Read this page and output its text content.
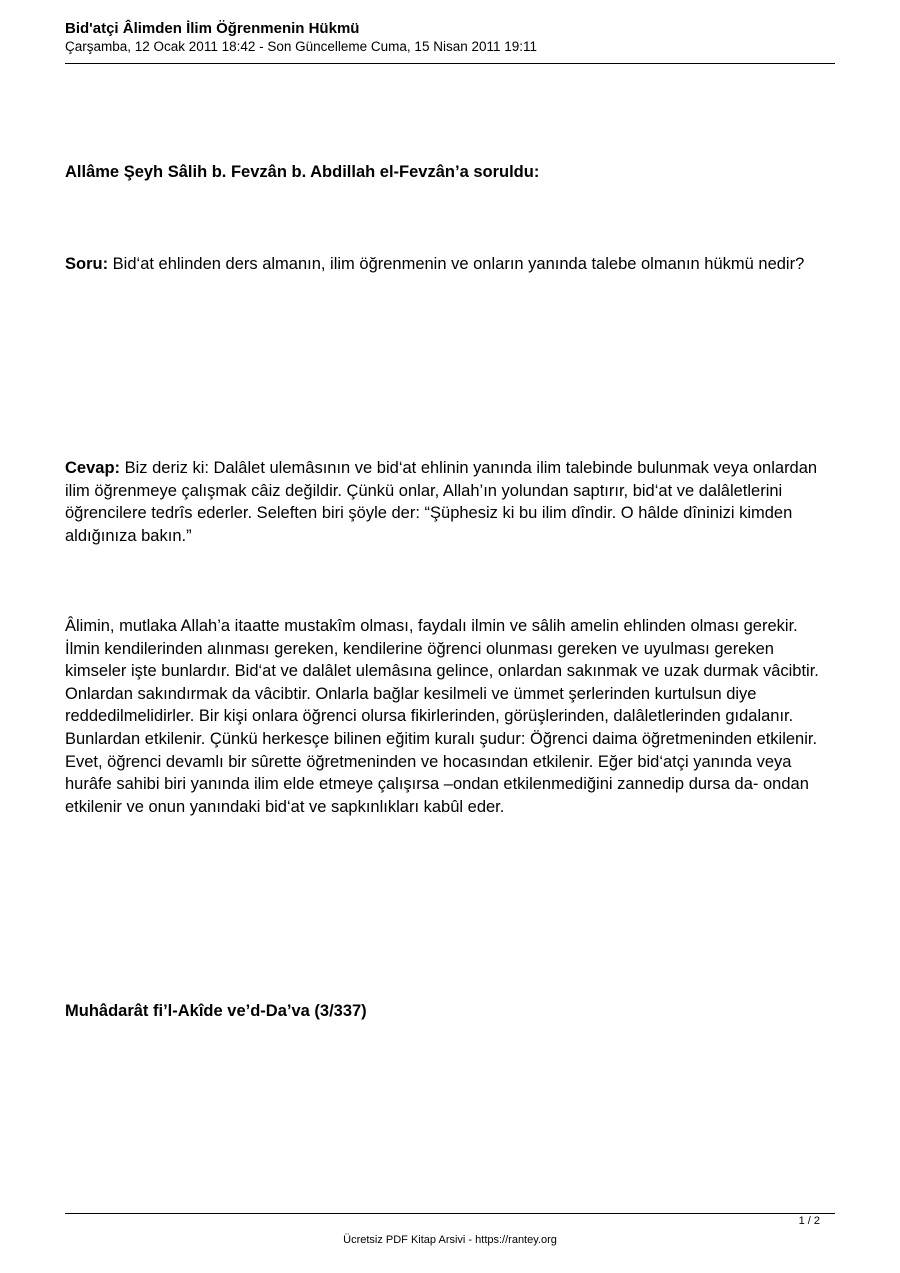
Bid'atçi Âlimden İlim Öğrenmenin Hükmü
Çarşamba, 12 Ocak 2011 18:42 - Son Güncelleme Cuma, 15 Nisan 2011 19:11

Allâme Şeyh Sâlih b. Fevzân b. Abdillah el-Fevzân’a soruldu:

Soru: Bid‘at ehlinden ders almanın, ilim öğrenmenin ve onların yanında talebe olmanın hükmü nedir?

Cevap: Biz deriz ki: Dalâlet ulemâsının ve bid‘at ehlinin yanında ilim talebinde bulunmak veya onlardan ilim öğrenmeye çalışmak câiz değildir. Çünkü onlar, Allah’ın yolundan saptırır, bid‘at ve dalâletlerini öğrencilere tedrîs ederler. Seleften biri şöyle der: “Şüphesiz ki bu ilim dîndir. O hâlde dîninizi kimden aldığınıza bakın.”

Âlimin, mutlaka Allah’a itaatte mustakîm olması, faydalı ilmin ve sâlih amelin ehlinden olması gerekir. İlmin kendilerinden alınması gereken, kendilerine öğrenci olunması gereken ve uyulması gereken kimseler işte bunlardır. Bid‘at ve dalâlet ulemâsına gelince, onlardan sakınmak ve uzak durmak vâcibtir. Onlardan sakındırmak da vâcibtir. Onlarla bağlar kesilmeli ve ümmet şerlerinden kurtulsun diye reddedilmelidirler. Bir kişi onlara öğrenci olursa fikirlerinden, görüşlerinden, dalâletlerinden gıdalanır. Bunlardan etkilenir. Çünkü herkesçe bilinen eğitim kuralı şudur: Öğrenci daima öğretmeninden etkilenir. Evet, öğrenci devamlı bir sûrette öğretmeninden ve hocasından etkilenir. Eğer bid‘atçi yanında veya hurâfe sahibi biri yanında ilim elde etmeye çalışırsa –ondan etkilenmediğini zannedip dursa da- ondan etkilenir ve onun yanındaki bid‘at ve sapkınlıkları kabûl eder.

Muhâdarât fi’l-Akîde ve’d-Da’va (3/337)

1 / 2
Ücretsiz PDF Kitap Arsivi - https://rantey.org
